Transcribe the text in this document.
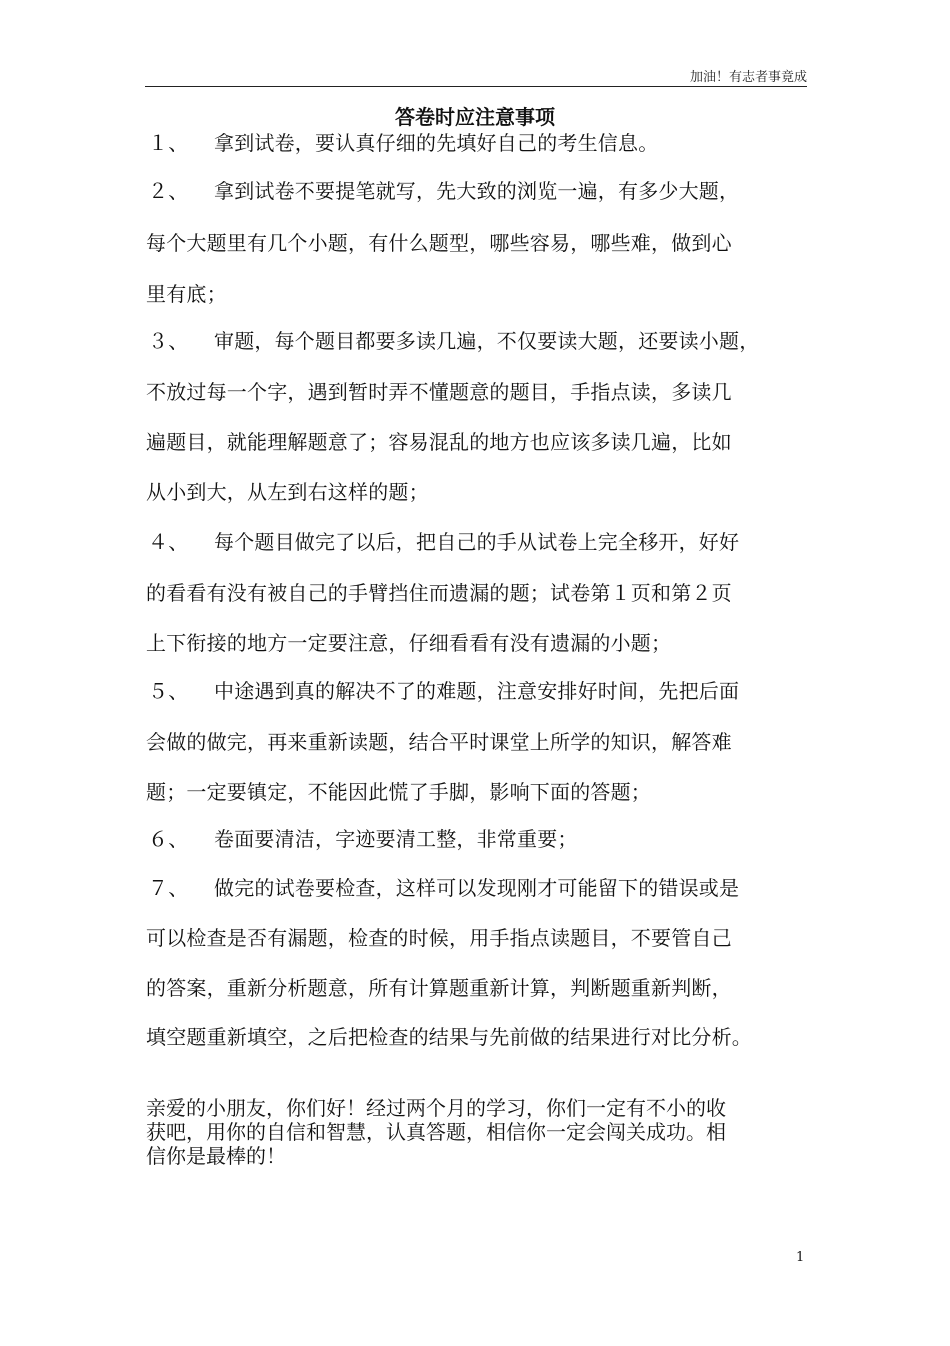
加油！有志者事竟成
答卷时应注意事项
１、 拿到试卷，要认真仔细的先填好自己的考生信息。
２、 拿到试卷不要提笔就写，先大致的浏览一遍，有多少大题，
每个大题里有几个小题，有什么题型，哪些容易，哪些难，做到心
里有底；
３、 审题，每个题目都要多读几遍，不仅要读大题，还要读小题，
不放过每一个字，遇到暂时弄不懂题意的题目，手指点读，多读几
遍题目，就能理解题意了；容易混乱的地方也应该多读几遍，比如
从小到大，从左到右这样的题；
４、 每个题目做完了以后，把自己的手从试卷上完全移开，好好
的看看有没有被自己的手臂挡住而遗漏的题；试卷第１页和第２页
上下衔接的地方一定要注意，仔细看看有没有遗漏的小题；
５、 中途遇到真的解决不了的难题，注意安排好时间，先把后面
会做的做完，再来重新读题，结合平时课堂上所学的知识，解答难
题；一定要镇定，不能因此慌了手脚，影响下面的答题；
６、 卷面要清洁，字迹要清工整，非常重要；
７、 做完的试卷要检查，这样可以发现刚才可能留下的错误或是
可以检查是否有漏题，检查的时候，用手指点读题目，不要管自己
的答案，重新分析题意，所有计算题重新计算，判断题重新判断，
填空题重新填空，之后把检查的结果与先前做的结果进行对比分析。
亲爱的小朋友，你们好！经过两个月的学习，你们一定有不小的收
获吧，用你的自信和智慧，认真答题，相信你一定会闯关成功。相
信你是最棒的！
1
